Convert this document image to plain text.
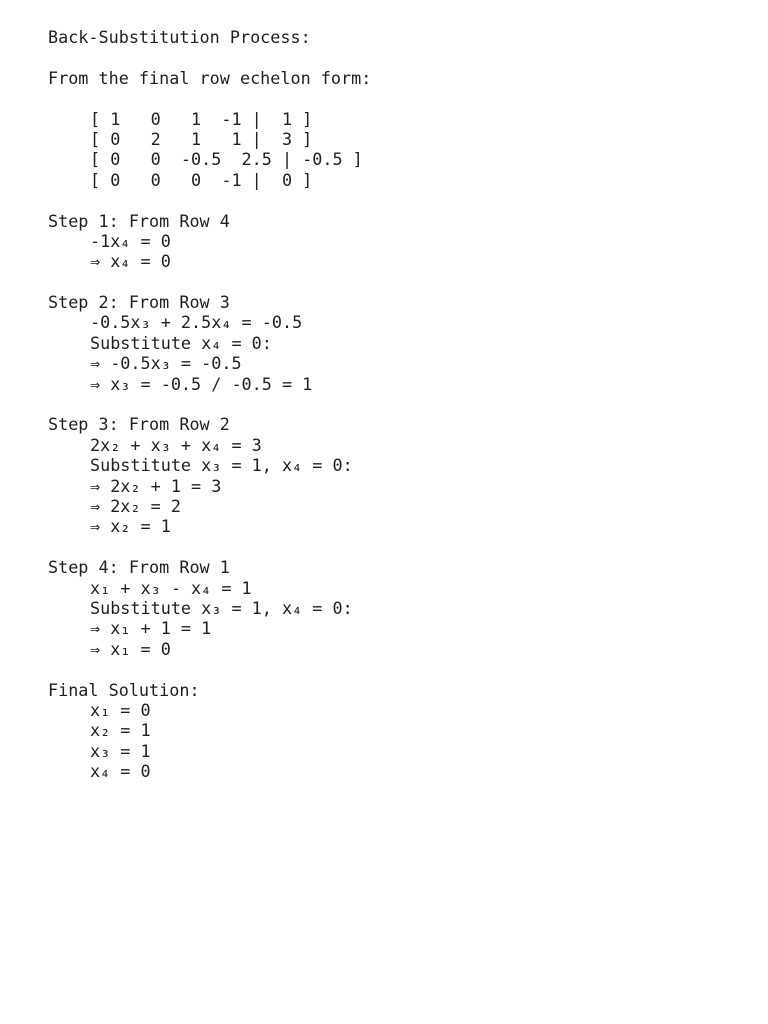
Back-Substitution Process:
From the final row echelon form:
[ 1   0   1  -1 |  1 ]
[ 0   2   1   1 |  3 ]
[ 0   0  -0.5  2.5 | -0.5 ]
[ 0   0   0  -1 |  0 ]
Step 1: From Row 4
-1x₄ = 0
⇒ x₄ = 0
Step 2: From Row 3
-0.5x₃ + 2.5x₄ = -0.5
Substitute x₄ = 0:
⇒ -0.5x₃ = -0.5
⇒ x₃ = -0.5 / -0.5 = 1
Step 3: From Row 2
2x₂ + x₃ + x₄ = 3
Substitute x₃ = 1, x₄ = 0:
⇒ 2x₂ + 1 = 3
⇒ 2x₂ = 2
⇒ x₂ = 1
Step 4: From Row 1
x₁ + x₃ - x₄ = 1
Substitute x₃ = 1, x₄ = 0:
⇒ x₁ + 1 = 1
⇒ x₁ = 0
Final Solution:
x₁ = 0
x₂ = 1
x₃ = 1
x₄ = 0
